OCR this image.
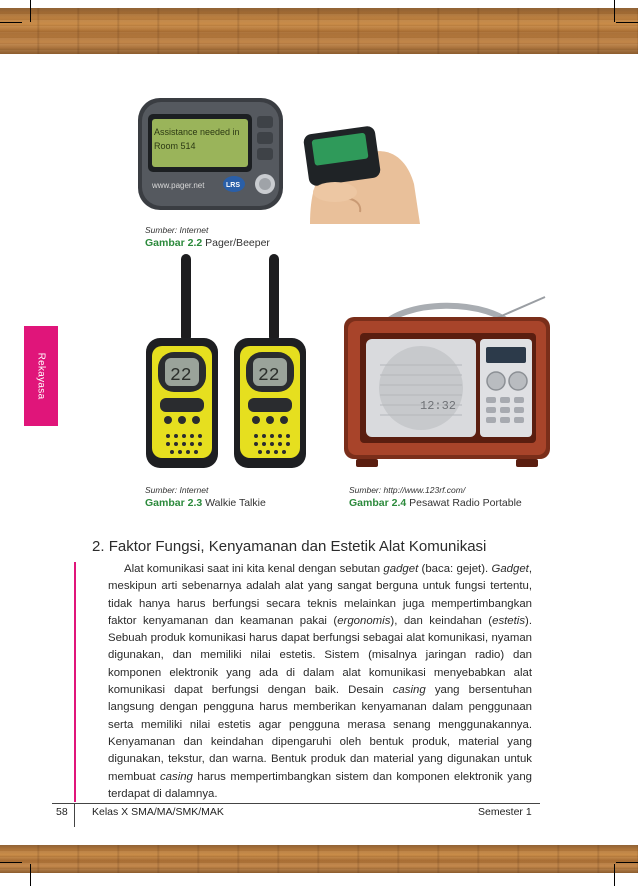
Rekayasa
Assistance needed in
Room 514
www.pager.net	LRS
Sumber: Internet
Gambar 2.2 Pager/Beeper
22	22
Sumber: Internet
Gambar 2.3 Walkie Talkie
12:32
Sumber: http://www.123rf.com/
Gambar 2.4 Pesawat Radio Portable
2. Faktor Fungsi, Kenyamanan dan Estetik Alat Komunikasi

Alat komunikasi saat ini kita kenal dengan sebutan gadget (baca: gejet). Gadget, meskipun arti sebenarnya adalah alat yang sangat berguna untuk fungsi tertentu, tidak hanya harus berfungsi secara teknis melainkan juga mempertimbangkan faktor kenyamanan dan keamanan pakai (ergonomis), dan keindahan (estetis). Sebuah produk komunikasi harus dapat berfungsi sebagai alat komunikasi, nyaman digunakan, dan memiliki nilai estetis. Sistem (misalnya jaringan radio) dan komponen elektronik yang ada di dalam alat komunikasi menyebabkan alat komunikasi dapat berfungsi dengan baik. Desain casing yang bersentuhan langsung dengan pengguna harus memberikan kenyamanan dalam penggunaan serta memiliki nilai estetis agar pengguna merasa senang menggunakannya. Kenyamanan dan keindahan dipengaruhi oleh bentuk produk, material yang digunakan, tekstur, dan warna. Bentuk produk dan material yang digunakan untuk membuat casing harus mempertimbangkan sistem dan komponen elektronik yang terdapat di dalamnya.

58 Kelas X SMA/MA/SMK/MAK	Semester 1
